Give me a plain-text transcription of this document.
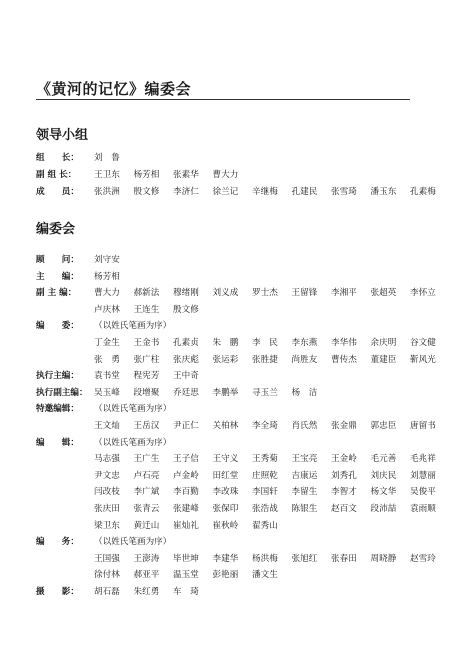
《黄河的记忆》编委会
领导小组
组　　长： 刘　鲁
副 组 长： 王卫东 杨芳相 张素华 曹大力
成　　员： 张洪洲 殷文修 李济仁 徐兰记 辛继梅 孔建民 张雪琦 潘玉东 孔素梅
编委会
顾　　问： 刘守安
主　　编： 杨芳相
副 主 编： 曹大力 郝新法 穆绪刚 刘义成 罗士杰 王留锋 李湘平 张超英 李怀立
卢庆林 王连生 殷文修
编　　委： （以姓氏笔画为序）
丁金生 王金书 孔素贞 朱　鹏 李　民 李东燕 李华伟 余庆明 谷文健
张　勇 张广柱 张庆彪 张运彩 张胜捷 尚胜友 曹传杰 董建臣 靳风光
执行主编： 袁书堂 程宪芳 王中奇
执行副主编： 吴玉峰 段增聚 乔廷思 李鹏举 寻玉兰 杨　洁
特邀编辑： （以姓氏笔画为序）
王文灿 王岳汉 尹正仁 关柏林 李全琦 肖氏然 张金鼎 郭忠臣 唐留书
编　　辑： （以姓氏笔画为序）
马志强 王广生 王子信 王守义 王秀菊 王宝亮 王金岭 毛元善 毛兆祥
尹文忠 卢石亮 卢金岭 田红堂 庄照乾 吉康运 刘秀孔 刘庆民 刘慧丽
闫改枝 李广斌 李百勤 李改珠 李国轩 李留生 李智才 杨文华 吴俊平
张庆田 张青云 张建峰 张保印 张浩战 陈银生 赵百文 段沛喆 袁雨顺
梁卫东 黄迁山 崔灿礼 崔秋岭 翟秀山
编　　务： （以姓氏笔画为序）
王国强 王澎涛 毕世坤 李建华 杨洪梅 张旭红 张春田 周晓静 赵雪玲
徐付林 郝亚平 温玉堂 彭艳丽 潘文生
摄　　影： 胡石磊 朱红勇 车　琦
